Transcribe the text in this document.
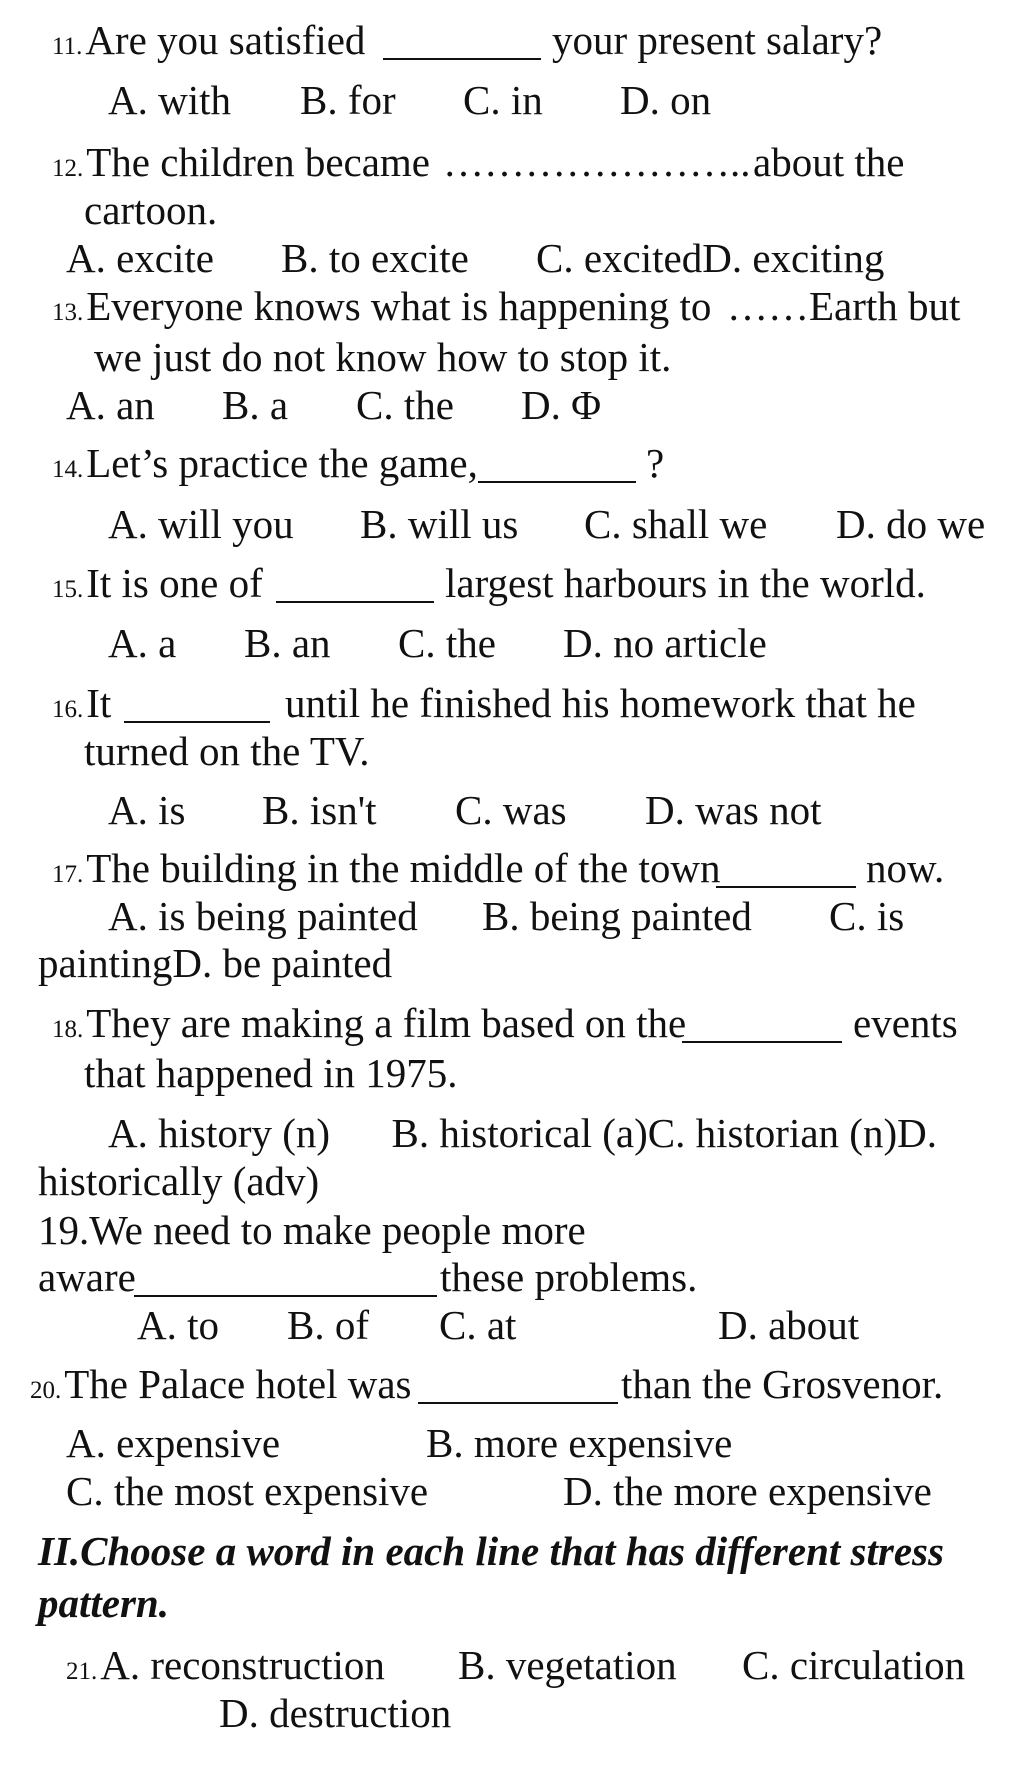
11.Are you satisfied	your present salary?
A. with B. for C. in D. on
12.The children became ………………….. about the
cartoon.
A. excite B. to excite C. excitedD. exciting
13.Everyone knows what is happening to ……Earth but
we just do not know how to stop it.
A. an B. a C. the D. Φ
14.Let’s practice the game,	?
A. will you B. will us C. shall we D. do we
15.It is one of	largest harbours in the world.
A. a B. an C. the D. no article
16.It	until he finished his homework that he
turned on the TV.
A. is B. isn't C. was D. was not
17.The building in the middle of the town	now.
A. is being painted B. being painted C. is
paintingD. be painted
18.They are making a film based on the	events
that happened in 1975.
A. history (n)      B. historical (a)C. historian (n)D.
historically (adv)
19.We need to make people more
aware	these problems.
A. to B. of C. at	D. about
20.The Palace hotel was	than the Grosvenor.
A. expensive	B. more expensive
C. the most expensive	D. the more expensive
II.Choose a word in each line that has different stress
pattern.
21.A. reconstruction B. vegetation C. circulation
D. destruction
